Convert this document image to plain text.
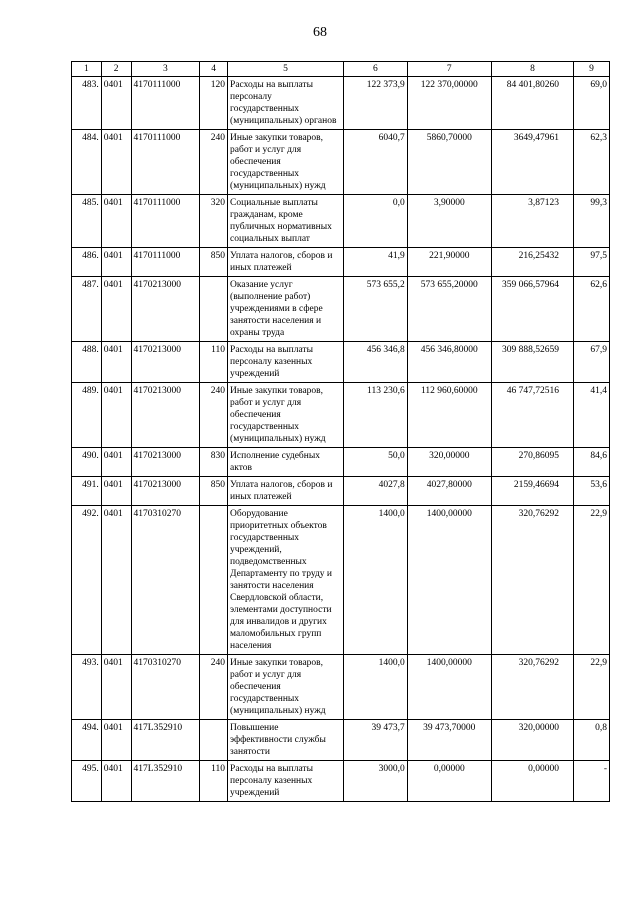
68
1	2	3	4	5	6	7	8	9
483.	0401	4170111000	120	Расходы на выплаты персоналу государственных (муниципальных) органов	122 373,9	122 370,00000	84 401,80260	69,0
484.	0401	4170111000	240	Иные закупки товаров, работ и услуг для обеспечения государственных (муниципальных) нужд	6040,7	5860,70000	3649,47961	62,3
485.	0401	4170111000	320	Социальные выплаты гражданам, кроме публичных нормативных социальных выплат	0,0	3,90000	3,87123	99,3
486.	0401	4170111000	850	Уплата налогов, сборов и иных платежей	41,9	221,90000	216,25432	97,5
487.	0401	4170213000		Оказание услуг (выполнение работ) учреждениями в сфере занятости населения и охраны труда	573 655,2	573 655,20000	359 066,57964	62,6
488.	0401	4170213000	110	Расходы на выплаты персоналу казенных учреждений	456 346,8	456 346,80000	309 888,52659	67,9
489.	0401	4170213000	240	Иные закупки товаров, работ и услуг для обеспечения государственных (муниципальных) нужд	113 230,6	112 960,60000	46 747,72516	41,4
490.	0401	4170213000	830	Исполнение судебных актов	50,0	320,00000	270,86095	84,6
491.	0401	4170213000	850	Уплата налогов, сборов и иных платежей	4027,8	4027,80000	2159,46694	53,6
492.	0401	4170310270		Оборудование приоритетных объектов государственных учреждений, подведомственных Департаменту по труду и занятости населения Свердловской области, элементами доступности для инвалидов и других маломобильных групп населения	1400,0	1400,00000	320,76292	22,9
493.	0401	4170310270	240	Иные закупки товаров, работ и услуг для обеспечения государственных (муниципальных) нужд	1400,0	1400,00000	320,76292	22,9
494.	0401	417L352910		Повышение эффективности службы занятости	39 473,7	39 473,70000	320,00000	0,8
495.	0401	417L352910	110	Расходы на выплаты персоналу казенных учреждений	3000,0	0,00000	0,00000	-
